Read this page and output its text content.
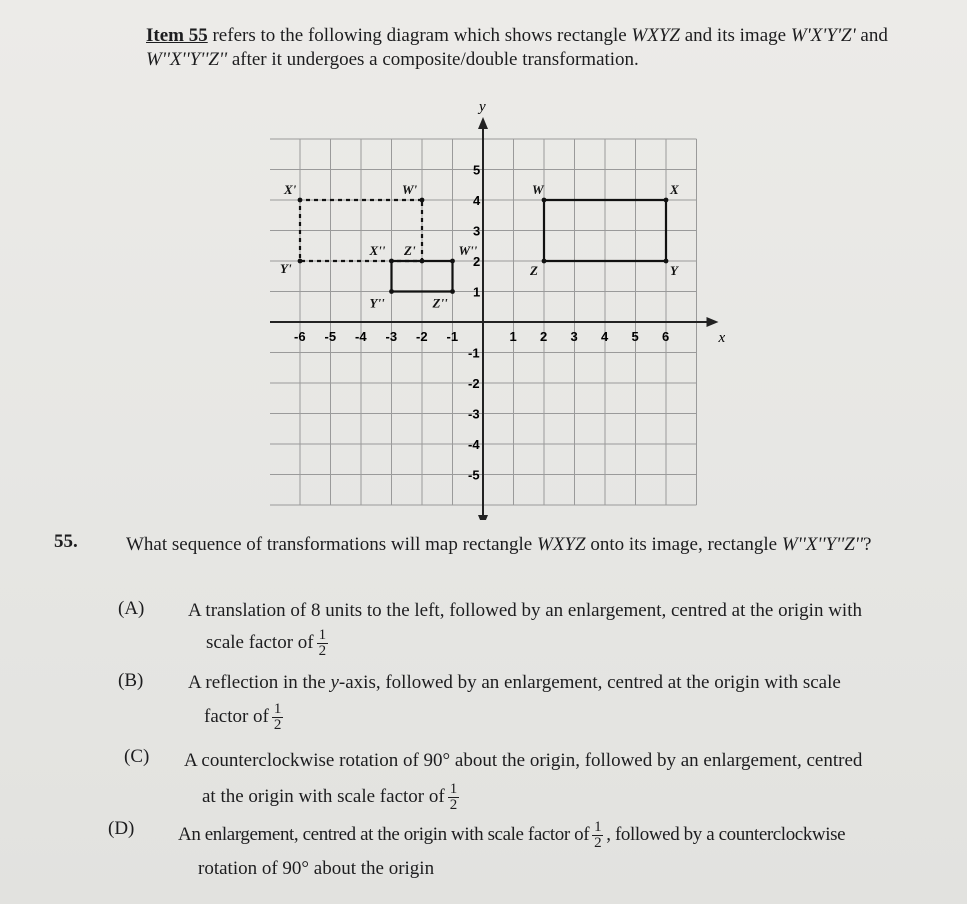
Item 55 refers to the following diagram which shows rectangle WXYZ and its image W'X'Y'Z' and
W''X''Y''Z'' after it undergoes a composite/double transformation.
x
y
-6 -5 -4 -3 -2 -1	1 2 3 4 5 6
5
4
3
2
1
-1
-2
-3
-4
-5
W	X
Y
Z
W'
X'
Y'
Z'	W''
X''
Y''	Z''
55.	What sequence of transformations will map rectangle WXYZ onto its image, rectangle W''X''Y''Z''?
(A) A translation of 8 units to the left, followed by an enlargement, centred at the origin with
scale factor of $\frac{1}{2}$
(B) A reflection in the y-axis, followed by an enlargement, centred at the origin with scale
factor of $\frac{1}{2}$
(C) A counterclockwise rotation of 90° about the origin, followed by an enlargement, centred
at the origin with scale factor of $\frac{1}{2}$
(D) An enlargement, centred at the origin with scale factor of $\frac{1}{2}$ , followed by a counterclockwise
rotation of 90° about the origin
